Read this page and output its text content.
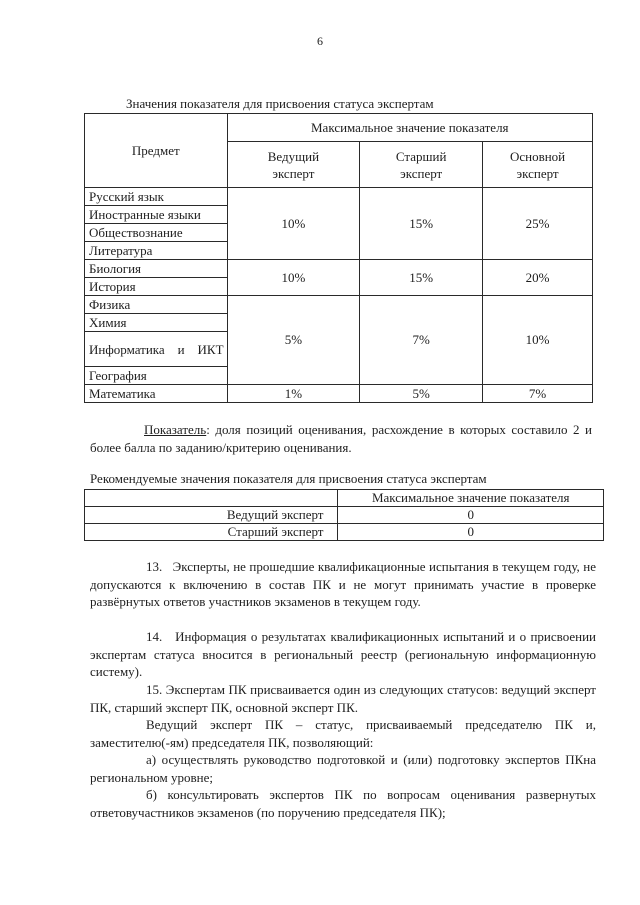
6
Значения показателя для присвоения статуса экспертам
Предмет	Максимальное значение показателя		
	Ведущий эксперт	Старший эксперт	Основной эксперт
Русский язык	10%	15%	25%
Иностранные языки			
Обществознание			
Литература			
Биология	10%	15%	20%
История			
Физика	5%	7%	10%
Химия			
Информатика и ИКТ			
География			
Математика	1%	5%	7%
Показатель: доля позиций оценивания, расхождение в которых составило 2 и более балла по заданию/критерию оценивания.
Рекомендуемые значения показателя для присвоения статуса экспертам
	Максимальное значение показателя
Ведущий эксперт	0
Старший эксперт	0
13.   Эксперты, не прошедшие квалификационные испытания в текущем году, не допускаются к включению в состав ПК и не могут принимать участие в проверке развёрнутых ответов участников экзаменов в текущем году.
14.   Информация о результатах квалификационных испытаний и о присвоении экспертам статуса вносится в региональный реестр (региональную информационную систему).
15. Экспертам ПК присваивается один из следующих статусов: ведущий эксперт ПК, старший эксперт ПК, основной эксперт ПК.
Ведущий эксперт ПК – статус, присваиваемый председателю ПК и, заместителю(-ям) председателя ПК, позволяющий:
а) осуществлять руководство подготовкой и (или) подготовку экспертов ПКна региональном уровне;
б) консультировать экспертов ПК по вопросам оценивания развернутых ответовучастников экзаменов (по поручению председателя ПК);
